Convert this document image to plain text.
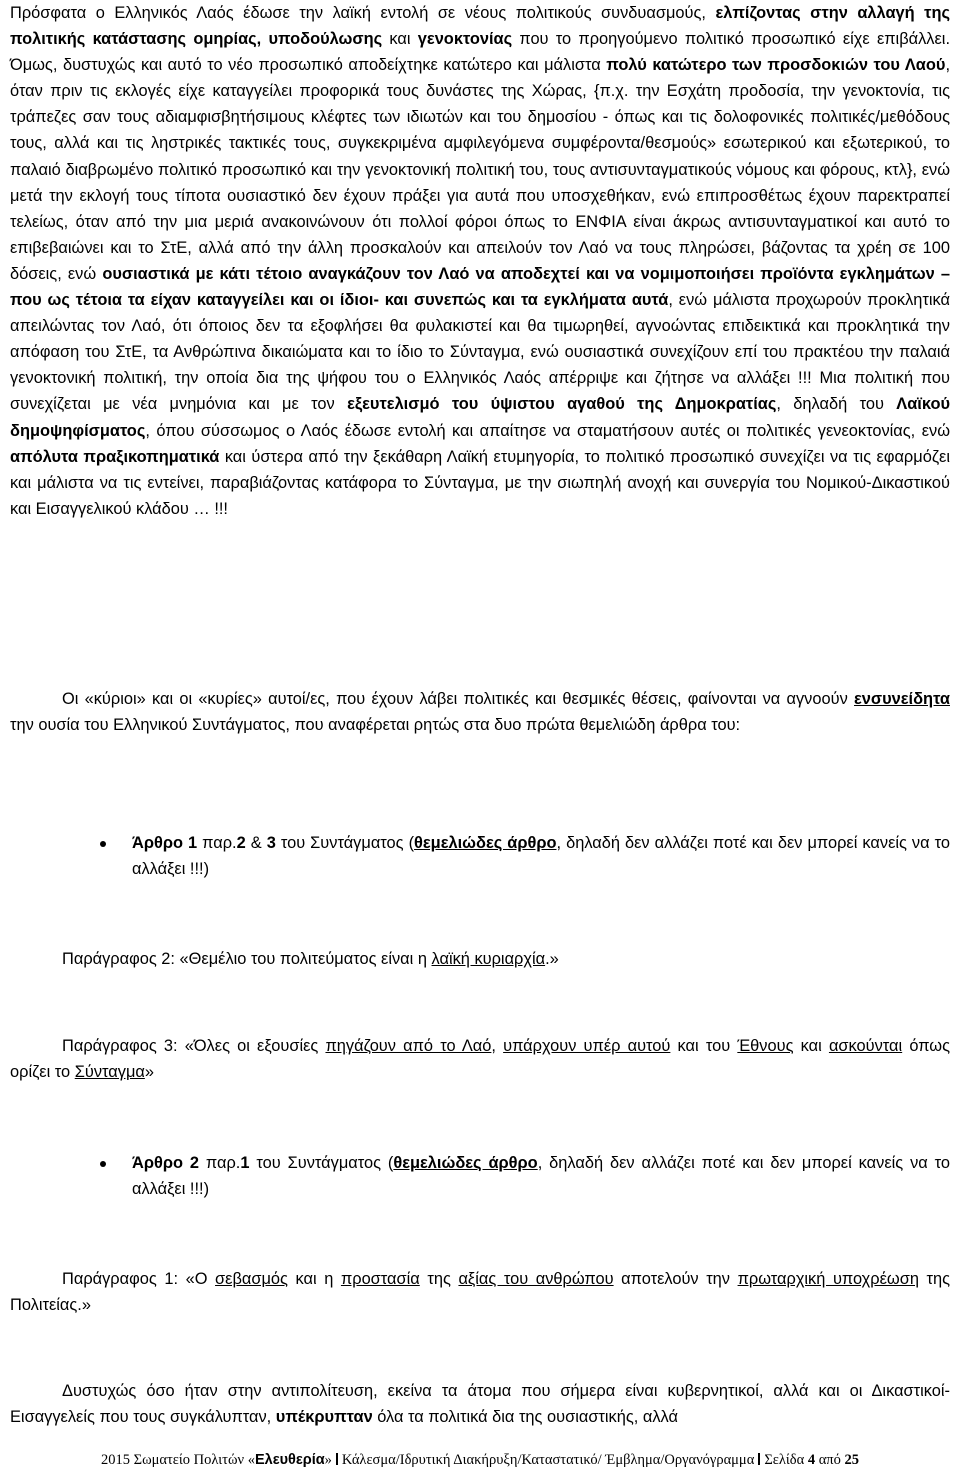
Πρόσφατα ο Ελληνικός Λαός έδωσε την λαϊκή εντολή σε νέους πολιτικούς συνδυασμούς, ελπίζοντας στην αλλαγή της πολιτικής κατάστασης ομηρίας, υποδούλωσης και γενοκτονίας που το προηγούμενο πολιτικό προσωπικό είχε επιβάλλει. Όμως, δυστυχώς και αυτό το νέο προσωπικό αποδείχτηκε κατώτερο και μάλιστα πολύ κατώτερο των προσδοκιών του Λαού, όταν πριν τις εκλογές είχε καταγγείλει προφορικά τους δυνάστες της Χώρας, {π.χ. την Εσχάτη προδοσία, την γενοκτονία, τις τράπεζες σαν τους αδιαμφισβητήσιμους κλέφτες των ιδιωτών και του δημοσίου - όπως και τις δολοφονικές πολιτικές/μεθόδους τους, αλλά και τις ληστρικές τακτικές τους, συγκεκριμένα αμφιλεγόμενα συμφέροντα/θεσμούς» εσωτερικού και εξωτερικού, το παλαιό διαβρωμένο πολιτικό προσωπικό και την γενοκτονική πολιτική του, τους αντισυνταγματικούς νόμους και φόρους, κτλ}, ενώ μετά την εκλογή τους τίποτα ουσιαστικό δεν έχουν πράξει για αυτά που υποσχεθήκαν, ενώ επιπροσθέτως έχουν παρεκτραπεί τελείως, όταν από την μια μεριά ανακοινώνουν ότι πολλοί φόροι όπως το ΕΝΦΙΑ είναι άκρως αντισυνταγματικοί και αυτό το επιβεβαιώνει και το ΣτΕ, αλλά από την άλλη προσκαλούν και απειλούν τον Λαό να τους πληρώσει, βάζοντας τα χρέη σε 100 δόσεις, ενώ ουσιαστικά με κάτι τέτοιο αναγκάζουν τον Λαό να αποδεχτεί και να νομιμοποιήσει προϊόντα εγκλημάτων –που ως τέτοια τα είχαν καταγγείλει και οι ίδιοι- και συνεπώς και τα εγκλήματα αυτά, ενώ μάλιστα προχωρούν προκλητικά απειλώντας τον Λαό, ότι όποιος δεν τα εξοφλήσει θα φυλακιστεί και θα τιμωρηθεί, αγνοώντας επιδεικτικά και προκλητικά την απόφαση του ΣτΕ, τα Ανθρώπινα δικαιώματα και το ίδιο το Σύνταγμα, ενώ ουσιαστικά συνεχίζουν επί του πρακτέου την παλαιά γενοκτονική πολιτική, την οποία δια της ψήφου του ο Ελληνικός Λαός απέρριψε και ζήτησε να αλλάξει !!! Μια πολιτική που συνεχίζεται με νέα μνημόνια και με τον εξευτελισμό του ύψιστου αγαθού της Δημοκρατίας, δηλαδή του Λαϊκού δημοψηφίσματος, όπου σύσσωμος ο Λαός έδωσε εντολή και απαίτησε να σταματήσουν αυτές οι πολιτικές γενεοκτονίας, ενώ απόλυτα πραξικοπηματικά και ύστερα από την ξεκάθαρη Λαϊκή ετυμηγορία, το πολιτικό προσωπικό συνεχίζει να τις εφαρμόζει και μάλιστα να τις εντείνει, παραβιάζοντας κατάφορα το Σύνταγμα, με την σιωπηλή ανοχή και συνεργία του Νομικού-Δικαστικού και Εισαγγελικού κλάδου … !!!

Οι «κύριοι» και οι «κυρίες» αυτοί/ες, που έχουν λάβει πολιτικές και θεσμικές θέσεις, φαίνονται να αγνοούν ενσυνείδητα την ουσία του Ελληνικού Συντάγματος, που αναφέρεται ρητώς στα δυο πρώτα θεμελιώδη άρθρα του:

Άρθρο 1 παρ.2 & 3 του Συντάγματος (θεμελιώδες άρθρο, δηλαδή δεν αλλάζει ποτέ και δεν μπορεί κανείς να το αλλάξει !!!)

Παράγραφος 2: «Θεμέλιο του πολιτεύματος είναι η λαϊκή κυριαρχία.»

Παράγραφος 3: «Όλες οι εξουσίες πηγάζουν από το Λαό, υπάρχουν υπέρ αυτού και του Έθνους και ασκούνται όπως ορίζει το Σύνταγμα»

Άρθρο 2 παρ.1 του Συντάγματος (θεμελιώδες άρθρο, δηλαδή δεν αλλάζει ποτέ και δεν μπορεί κανείς να το αλλάξει !!!)

Παράγραφος 1: «Ο σεβασμός και η προστασία της αξίας του ανθρώπου αποτελούν την πρωταρχική υποχρέωση της Πολιτείας.»

Δυστυχώς όσο ήταν στην αντιπολίτευση, εκείνα τα άτομα που σήμερα είναι κυβερνητικοί, αλλά και οι Δικαστικοί-Εισαγγελείς που τους συγκάλυπταν, υπέκρυπταν όλα τα πολιτικά δια της ουσιαστικής, αλλά

2015 Σωματείο Πολιτών «Ελευθερία» Κάλεσμα/Ιδρυτική Διακήρυξη/Καταστατικό/ Έμβλημα/Οργανόγραμμα Σελίδα 4 από 25
